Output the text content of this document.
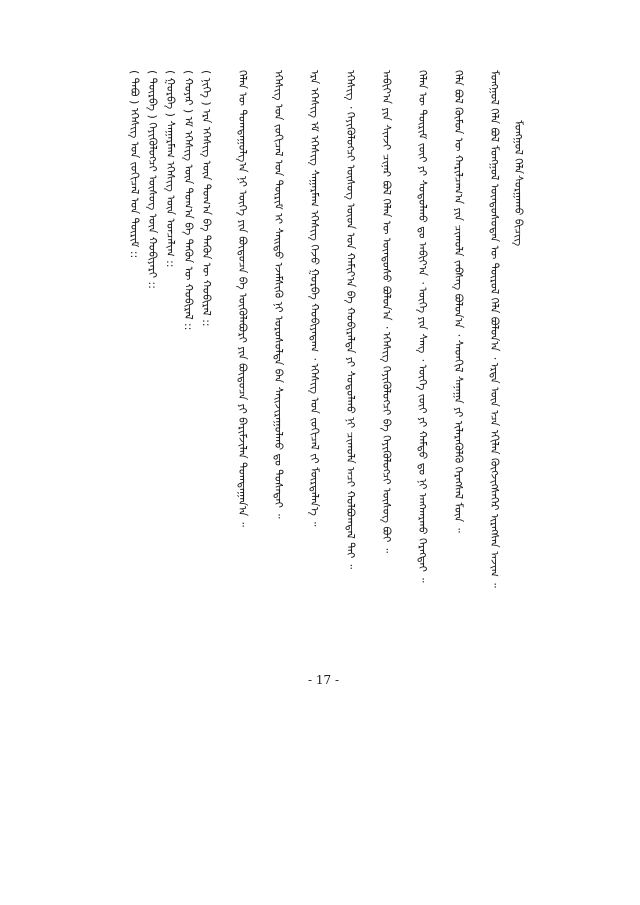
ᠮᠣᠩᠭᠣᠯ ᠬᠡᠯᠡ
ᠰᠤᠷᠭᠠᠬᠤ ᠪᠢᠴᠢᠭ
ᠮᠣᠩᠭᠣᠯ ᠬᠡᠯᠡ ᠪᠣᠯ ᠮᠣᠩᠭᠣᠯ ᠦᠨᠳᠦᠰᠦᠲᠡᠨ ᠦ ᠲᠥᠷᠥᠯ ᠬᠡᠯᠡ ᠪᠣᠯᠣᠨ᠎ᠠ ᠂ ᠡᠷᠲᠡ ᠦᠡ ᠡᠴᠡ ᠡᠬᠢᠯᠡᠨ ᠬᠥᠭᠵᠢᠭᠰᠡᠭᠡᠷ ᠢᠷᠡᠭᠰᠡᠨ ᠠᠵᠢᠭ ᠃
ᠬᠡᠯᠡ ᠪᠣᠯ ᠬᠦᠮᠦᠨ ᠦ ᠬᠠᠷᠢᠯᠴᠠᠭ᠎ᠠ ᠶᠢᠨ ᠴᠢᠬᠤᠯᠠ ᠵᠡᠪᠰᠡᠭ ᠪᠣᠯᠣᠨ᠎ᠠ ᠂ ᠰᠡᠳᠬᠢᠯ ᠰᠠᠨᠠᠭᠠ ᠶᠢ ᠢᠯᠡᠷᠡᠭᠦᠯᠬᠦ ᠬᠡᠷᠡᠭᠰᠡᠯ ᠮᠥᠨ ᠃
ᠬᠡᠯᠡᠨ ᠦ ᠳᠦᠷᠢᠮ ᠵᠦᠢ ᠶᠢ ᠰᠤᠳᠤᠯᠬᠤ ᠳᠤ ᠠᠪᠢᠶ᠎ᠠ ᠂ ᠦᠭᠡ ᠶᠢᠨ ᠰᠠᠩ ᠂ ᠦᠭᠡ ᠵᠦᠢ ᠶᠢ ᠬᠠᠮᠲᠤ ᠳᠤ ᠨᠢ ᠠᠩᠬᠠᠷᠬᠤ ᠬᠡᠷᠡᠭᠲᠡᠢ ᠃
ᠠᠪᠢᠶ᠎ᠠ ᠶᠢᠨ ᠰᠢᠨᠵᠢ ᠴᠢᠨᠠᠷ ᠪᠣᠯ ᠬᠡᠯᠡᠨ ᠦ ᠦᠨᠳᠦᠰᠦ ᠪᠣᠯᠣᠨ᠎ᠠ ᠂ ᠡᠭᠡᠰᠢᠭ ᠭᠡᠶᠢᠭᠦᠯᠦᠭᠴᠢ ᠪᠠ ᠭᠡᠶᠢᠭᠦᠯᠦᠭᠴᠢ ᠦᠰᠦᠭ ᠪᠤᠢ ᠃
ᠡᠭᠡᠰᠢᠭ ᠂ ᠭᠡᠶᠢᠭᠦᠯᠦᠭᠴᠢ ᠦᠰᠦᠭ ᠦᠳ ᠤᠨ ᠬᠠᠮᠢᠶ᠎ᠠ ᠪᠠ ᠬᠤᠪᠢᠷᠠᠯᠲᠠ ᠶᠢ ᠰᠤᠳᠤᠯᠬᠤ ᠨᠢ ᠴᠢᠬᠤᠯᠠ ᠠᠴᠢ ᠬᠣᠯᠪᠣᠭᠳᠠᠯ ᠲᠠᠢ ᠃
ᠡᠷᠡ ᠡᠭᠡᠰᠢᠭ ᠡᠮ ᠡᠭᠡᠰᠢᠭ ᠰᠠᠭᠠᠷᠮᠠᠭ ᠡᠭᠡᠰᠢᠭ ᠭᠡᠵᠦ ᠭᠤᠷᠪᠠ ᠬᠤᠪᠢᠶᠠᠳᠠᠭ ᠂ ᠡᠭᠡᠰᠢᠭ ᠤᠨ ᠵᠣᠬᠢᠴᠠᠯ ᠵᠢ ᠮᠥᠷᠳᠡᠯᠡᠨ᠎ᠡ ᠃
ᠡᠭᠡᠰᠢᠭ ᠤᠨ ᠵᠣᠬᠢᠴᠠᠯ ᠤᠨ ᠳᠦᠷᠢᠮ ᠢ ᠰᠠᠢᠲᠤ ᠡᠵᠡᠮᠰᠢᠬᠦ ᠨᠢ ᠤᠷᠤᠰᠤᠯᠲᠠ ᠪᠠᠨ ᠰᠠᠢᠵᠢᠷᠠᠭᠤᠯᠬᠤ ᠳᠤ ᠲᠤᠰᠠᠲᠠᠢ ᠃
ᠬᠡᠯᠡᠨ ᠦ ᠲᠣᠭᠲᠠᠭᠤᠯᠭ᠎ᠠ ᠨᠢ ᠦᠭᠡ ᠶᠢᠨ ᠪᠦᠲᠦᠴᠡ ᠪᠠ ᠦᠭᠦᠯᠡᠪᠦᠷᠢ ᠶᠢᠨ ᠪᠦᠲᠦᠴᠡ ᠶᠢ ᠪᠠᠷᠢᠮᠵᠢᠯᠠᠨ ᠲᠣᠭᠲᠠᠭᠠᠨ᠎ᠠ ᠃
( ᠨᠢᠭᠡ ) ᠡᠷᠡ ᠡᠭᠡᠰᠢᠭ ᠦᠨ ᠲᠣᠭ᠎ᠠ ᠪᠠ ᠲᠡᠭᠦᠨ ᠦ ᠬᠤᠪᠢᠷᠠᠯ ::
( ᠬᠣᠶᠠᠷ ) ᠡᠮ ᠡᠭᠡᠰᠢᠭ ᠦᠨ ᠲᠣᠭ᠎ᠠ ᠪᠠ ᠲᠡᠭᠦᠨ ᠦ ᠬᠤᠪᠢᠷᠠᠯ ::
( ᠭᠤᠷᠪᠠ ) ᠰᠠᠭᠠᠷᠮᠠᠭ ᠡᠭᠡᠰᠢᠭ ᠦᠨ ᠣᠨᠴᠠᠯᠢᠭ ::
( ᠳᠥᠷᠪᠡ ) ᠭᠡᠶᠢᠭᠦᠯᠦᠭᠴᠢ ᠦᠰᠦᠭ ᠦᠨ ᠬᠤᠪᠢᠶᠠᠷᠢ ::
( ᠲᠠᠪᠤ ) ᠡᠭᠡᠰᠢᠭ ᠤᠨ ᠵᠣᠬᠢᠴᠠᠯ ᠤᠨ ᠳᠦᠷᠢᠮ ::
- 17 -
